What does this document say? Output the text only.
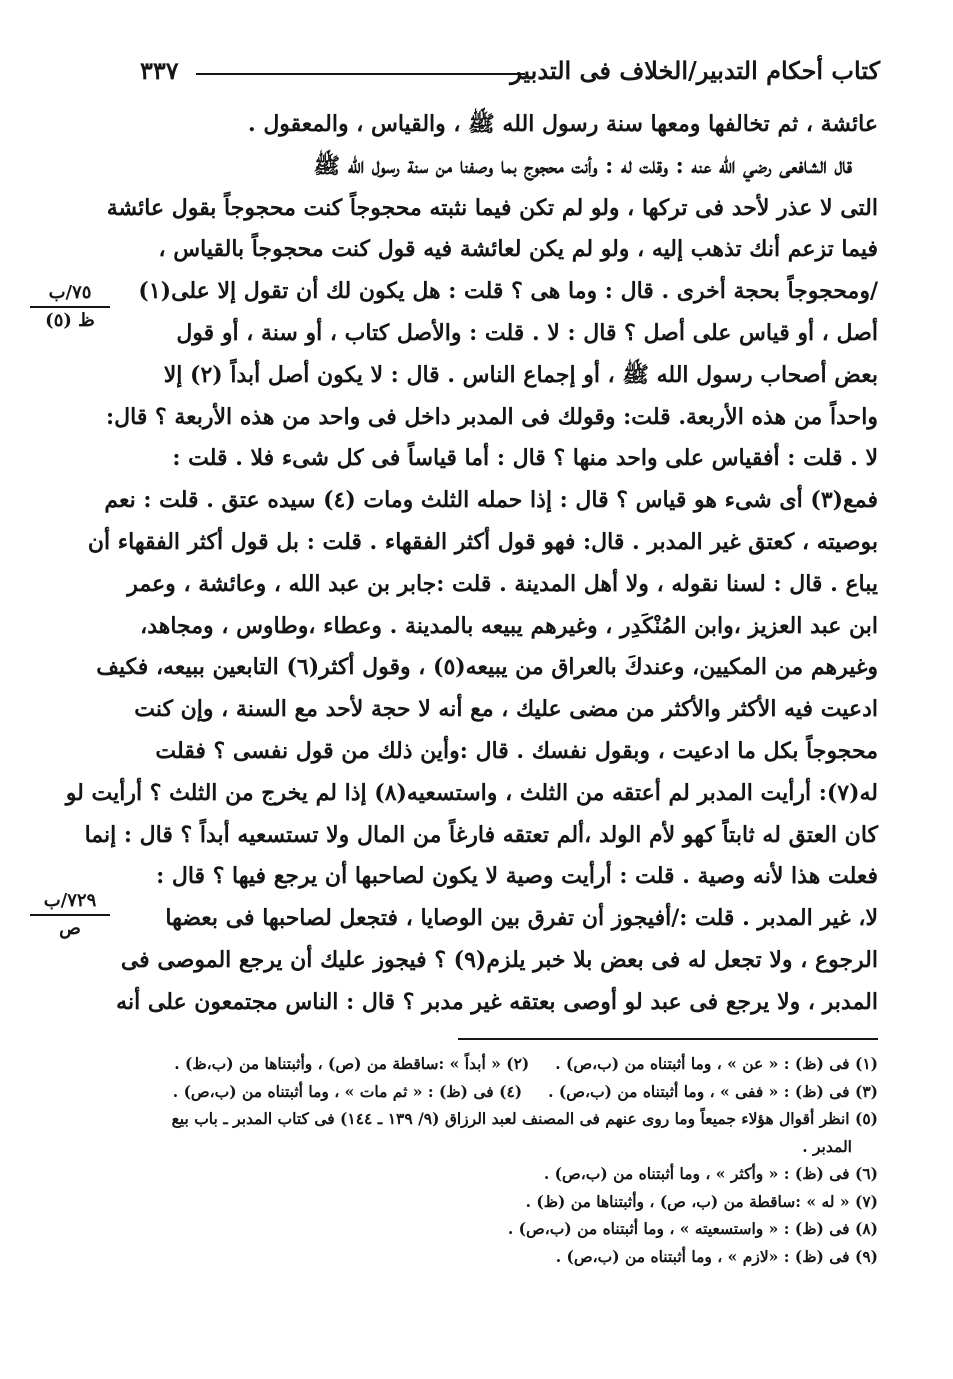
كتاب أحكام التدبير/الخلاف فى التدبير
٣٣٧
٧٥/ب
ظ (٥)
٧٢٩/ب
ص
عائشة ، ثم تخالفها ومعها سنة رسول الله ﷺ ، والقياس ، والمعقول .
قال الشافعى رضي الله عنه : وقلت له : وأنت محجوج بما وصفنا من سنة رسول الله ﷺ
التى لا عذر لأحد فى تركها ، ولو لم تكن فيما نثبته محجوجاً كنت محجوجاً بقول عائشة
فيما تزعم أنك تذهب إليه ، ولو لم يكن لعائشة فيه قول كنت محجوجاً بالقياس ،
/ومحجوجاً بحجة أخرى . قال : وما هى ؟ قلت : هل يكون لك أن تقول إلا على(١)
أصل ، أو قياس على أصل ؟ قال : لا . قلت : والأصل كتاب ، أو سنة ، أو قول
بعض أصحاب رسول الله ﷺ ، أو إجماع الناس . قال : لا يكون أصل أبداً (٢) إلا
واحداً من هذه الأربعة. قلت: وقولك فى المدبر داخل فى واحد من هذه الأربعة ؟ قال:
لا . قلت : أفقياس على واحد منها ؟ قال : أما قياساً فى كل شىء فلا . قلت :
فمع(٣) أى شىء هو قياس ؟ قال : إذا حمله الثلث ومات (٤) سيده عتق . قلت : نعم
بوصيته ، كعتق غير المدبر . قال: فهو قول أكثر الفقهاء . قلت : بل قول أكثر الفقهاء أن
يباع . قال : لسنا نقوله ، ولا أهل المدينة . قلت :جابر بن عبد الله ، وعائشة ، وعمر
ابن عبد العزيز ،وابن المُنْكَدِر ، وغيرهم يبيعه بالمدينة . وعطاء ،وطاوس ، ومجاهد،
وغيرهم من المكيين، وعندكَ بالعراق من يبيعه(٥) ، وقول أكثر(٦) التابعين ببيعه، فكيف
ادعيت فيه الأكثر والأكثر من مضى عليك ، مع أنه لا حجة لأحد مع السنة ، وإن كنت
محجوجاً بكل ما ادعيت ، وبقول نفسك . قال :وأين ذلك من قول نفسى ؟ فقلت
له(٧): أرأيت المدبر لم أعتقه من الثلث ، واستسعيه(٨) إذا لم يخرج من الثلث ؟ أرأيت لو
كان العتق له ثابتاً كهو لأم الولد ،ألم تعتقه فارغاً من المال ولا تستسعيه أبداً ؟ قال : إنما
فعلت هذا لأنه وصية . قلت : أرأيت وصية لا يكون لصاحبها أن يرجع فيها ؟ قال :
لا، غير المدبر . قلت :/أفيجوز أن تفرق بين الوصايا ، فتجعل لصاحبها فى بعضها
الرجوع ، ولا تجعل له فى بعض بلا خبر يلزم(٩) ؟ فيجوز عليك أن يرجع الموصى فى
المدبر ، ولا يرجع فى عبد لو أوصى بعتقه غير مدبر ؟ قال : الناس مجتمعون على أنه
(١) فى (ظ) : « عن » ، وما أثبتناه من (ب،ص) .
(٢) « أبداً » :ساقطة من (ص) ، وأثبتناها من (ب،ظ) .
(٣) فى (ظ) : « ففى » ، وما أثبتناه من (ب،ص) .
(٤) فى (ظ) : « ثم مات » ، وما أثبتناه من (ب،ص) .
(٥) انظر أقوال هؤلاء جميعاً وما روى عنهم فى المصنف لعبد الرزاق (٩/ ١٣٩ ـ ١٤٤) فى كتاب المدبر ـ باب بيع
المدبر .
(٦) فى (ظ) : « وأكثر » ، وما أثبتناه من (ب،ص) .
(٧) « له » :ساقطة من (ب، ص) ، وأثبتناها من (ظ) .
(٨) فى (ظ) : « واستسعيته » ، وما أثبتناه من (ب،ص) .
(٩) فى (ظ) : «لازم » ، وما أثبتناه من (ب،ص) .
